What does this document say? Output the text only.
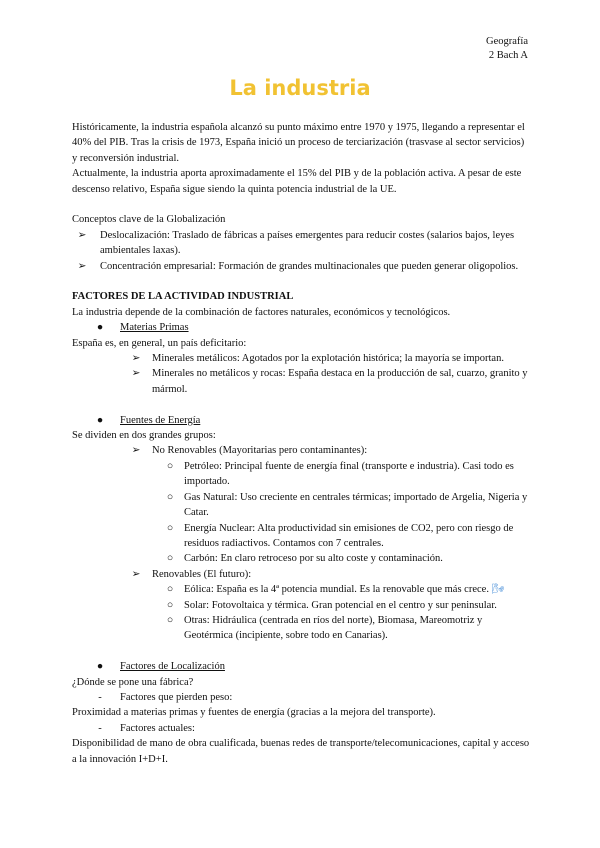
Geografía
2 Bach A
La industria

Históricamente, la industria española alcanzó su punto máximo entre 1970 y 1975, llegando a representar el 40% del PIB. Tras la crisis de 1973, España inició un proceso de terciarización (trasvase al sector servicios) y reconversión industrial.

Actualmente, la industria aporta aproximadamente el 15% del PIB y de la población activa. A pesar de este descenso relativo, España sigue siendo la quinta potencia industrial de la UE.

Conceptos clave de la Globalización

➢	Deslocalización: Traslado de fábricas a países emergentes para reducir costes (salarios bajos, leyes ambientales laxas).
➢	Concentración empresarial: Formación de grandes multinacionales que pueden generar oligopolios.

FACTORES DE LA ACTIVIDAD INDUSTRIAL

La industria depende de la combinación de factores naturales, económicos y tecnológicos.

●	Materias Primas

España es, en general, un país deficitario:

➢	Minerales metálicos: Agotados por la explotación histórica; la mayoría se importan.
➢	Minerales no metálicos y rocas: España destaca en la producción de sal, cuarzo, granito y mármol.
●	Fuentes de Energía

Se dividen en dos grandes grupos:

➢	No Renovables (Mayoritarias pero contaminantes):
○	Petróleo: Principal fuente de energía final (transporte e industria). Casi todo es importado.
○	Gas Natural: Uso creciente en centrales térmicas; importado de Argelia, Nigeria y Catar.
○	Energía Nuclear: Alta productividad sin emisiones de CO2, pero con riesgo de residuos radiactivos. Contamos con 7 centrales.
○	Carbón: En claro retroceso por su alto coste y contaminación.
➢	Renovables (El futuro):
○	Eólica: España es la 4ª potencia mundial. Es la renovable que más crece. 🌬
○	Solar: Fotovoltaica y térmica. Gran potencial en el centro y sur peninsular.
○	Otras: Hidráulica (centrada en ríos del norte), Biomasa, Mareomotriz y Geotérmica (incipiente, sobre todo en Canarias).
●	Factores de Localización

¿Dónde se pone una fábrica?

-	Factores que pierden peso:

Proximidad a materias primas y fuentes de energía (gracias a la mejora del transporte).

-	Factores actuales:

Disponibilidad de mano de obra cualificada, buenas redes de transporte/telecomunicaciones, capital y acceso a la innovación I+D+I.
